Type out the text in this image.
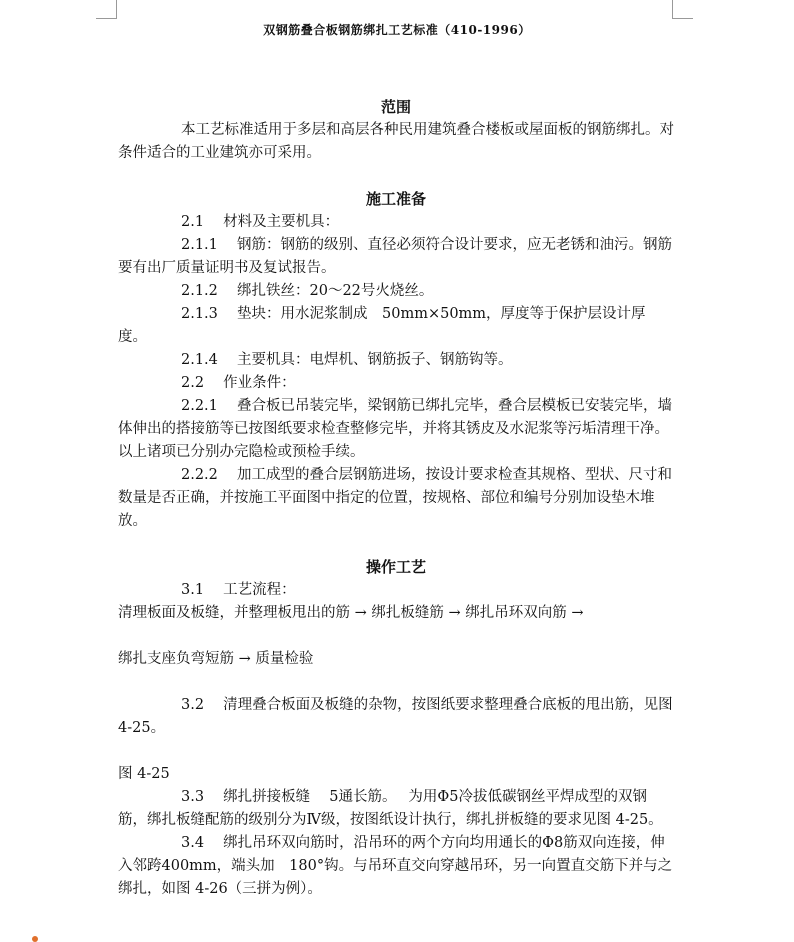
双钢筋叠合板钢筋绑扎工艺标准（410-1996）

范围

本工艺标准适用于多层和高层各种民用建筑叠合楼板或屋面板的钢筋绑扎。对条件适合的工业建筑亦可采用。

施工准备

2.1　 材料及主要机具：

2.1.1　 钢筋：钢筋的级别、直径必须符合设计要求，应无老锈和油污。钢筋要有出厂质量证明书及复试报告。

2.1.2　 绑扎铁丝：20～22号火烧丝。

2.1.3　 垫块：用水泥浆制成　50mm×50mm，厚度等于保护层设计厚度。

2.1.4　 主要机具：电焊机、钢筋扳子、钢筋钩等。

2.2　 作业条件：

2.2.1　 叠合板已吊装完毕，梁钢筋已绑扎完毕，叠合层模板已安装完毕，墙体伸出的搭接筋等已按图纸要求检查整修完毕，并将其锈皮及水泥浆等污垢清理干净。以上诸项已分别办完隐检或预检手续。

2.2.2　 加工成型的叠合层钢筋进场，按设计要求检查其规格、型状、尺寸和数量是否正确，并按施工平面图中指定的位置，按规格、部位和编号分别加设垫木堆放。

操作工艺

3.1　 工艺流程：

清理板面及板缝，并整理板甩出的筋 → 绑扎板缝筋 → 绑扎吊环双向筋 →

绑扎支座负弯短筋 → 质量检验

3.2　 清理叠合板面及板缝的杂物，按图纸要求整理叠合底板的甩出筋，见图 4-25。

图 4-25

3.3　 绑扎拼接板缝　 5通长筋。　 为用Φ5冷拔低碳钢丝平焊成型的双钢筋，绑扎板缝配筋的级别分为Ⅳ级，按图纸设计执行，绑扎拼板缝的要求见图 4-25。

3.4　 绑扎吊环双向筋时，沿吊环的两个方向均用通长的Φ8筋双向连接，伸入邻跨400mm，端头加　180°钩。与吊环直交向穿越吊环，另一向置直交筋下并与之绑扎，如图 4-26（三拼为例）。
